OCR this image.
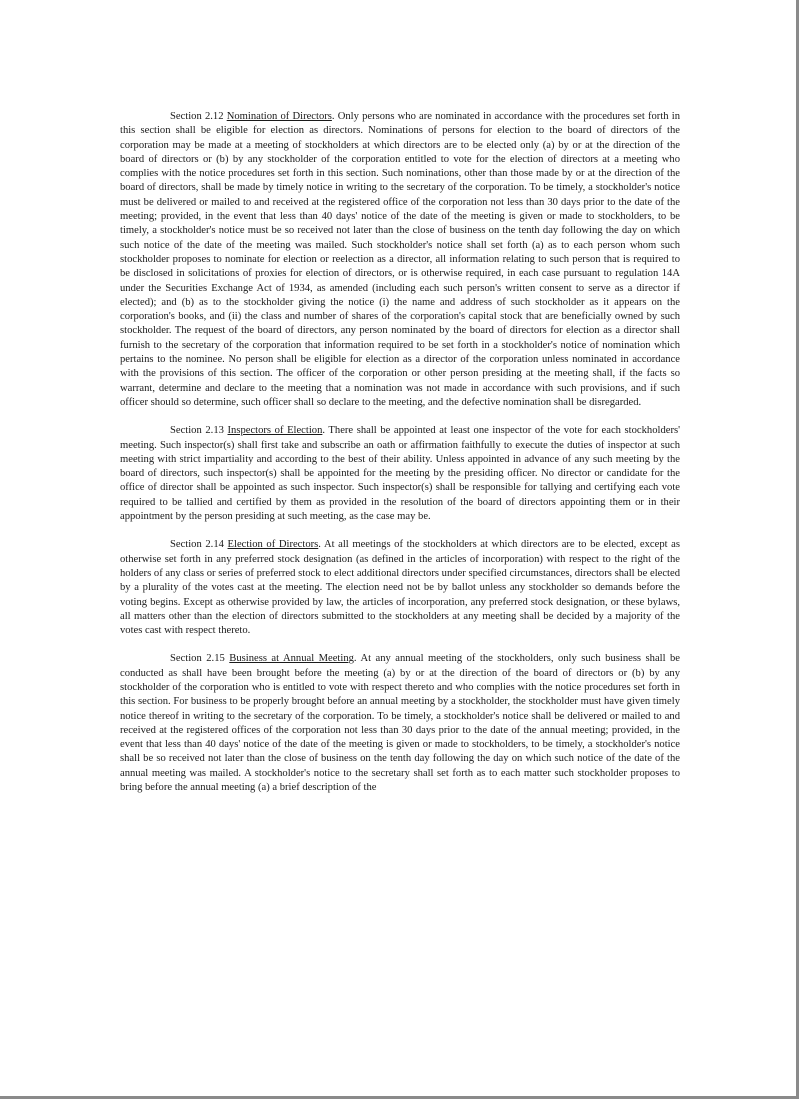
Section 2.12 Nomination of Directors. Only persons who are nominated in accordance with the procedures set forth in this section shall be eligible for election as directors. Nominations of persons for election to the board of directors of the corporation may be made at a meeting of stockholders at which directors are to be elected only (a) by or at the direction of the board of directors or (b) by any stockholder of the corporation entitled to vote for the election of directors at a meeting who complies with the notice procedures set forth in this section. Such nominations, other than those made by or at the direction of the board of directors, shall be made by timely notice in writing to the secretary of the corporation. To be timely, a stockholder's notice must be delivered or mailed to and received at the registered office of the corporation not less than 30 days prior to the date of the meeting; provided, in the event that less than 40 days' notice of the date of the meeting is given or made to stockholders, to be timely, a stockholder's notice must be so received not later than the close of business on the tenth day following the day on which such notice of the date of the meeting was mailed. Such stockholder's notice shall set forth (a) as to each person whom such stockholder proposes to nominate for election or reelection as a director, all information relating to such person that is required to be disclosed in solicitations of proxies for election of directors, or is otherwise required, in each case pursuant to regulation 14A under the Securities Exchange Act of 1934, as amended (including each such person's written consent to serve as a director if elected); and (b) as to the stockholder giving the notice (i) the name and address of such stockholder as it appears on the corporation's books, and (ii) the class and number of shares of the corporation's capital stock that are beneficially owned by such stockholder. The request of the board of directors, any person nominated by the board of directors for election as a director shall furnish to the secretary of the corporation that information required to be set forth in a stockholder's notice of nomination which pertains to the nominee. No person shall be eligible for election as a director of the corporation unless nominated in accordance with the provisions of this section. The officer of the corporation or other person presiding at the meeting shall, if the facts so warrant, determine and declare to the meeting that a nomination was not made in accordance with such provisions, and if such officer should so determine, such officer shall so declare to the meeting, and the defective nomination shall be disregarded.

Section 2.13 Inspectors of Election. There shall be appointed at least one inspector of the vote for each stockholders' meeting. Such inspector(s) shall first take and subscribe an oath or affirmation faithfully to execute the duties of inspector at such meeting with strict impartiality and according to the best of their ability. Unless appointed in advance of any such meeting by the board of directors, such inspector(s) shall be appointed for the meeting by the presiding officer. No director or candidate for the office of director shall be appointed as such inspector. Such inspector(s) shall be responsible for tallying and certifying each vote required to be tallied and certified by them as provided in the resolution of the board of directors appointing them or in their appointment by the person presiding at such meeting, as the case may be.

Section 2.14 Election of Directors. At all meetings of the stockholders at which directors are to be elected, except as otherwise set forth in any preferred stock designation (as defined in the articles of incorporation) with respect to the right of the holders of any class or series of preferred stock to elect additional directors under specified circumstances, directors shall be elected by a plurality of the votes cast at the meeting. The election need not be by ballot unless any stockholder so demands before the voting begins. Except as otherwise provided by law, the articles of incorporation, any preferred stock designation, or these bylaws, all matters other than the election of directors submitted to the stockholders at any meeting shall be decided by a majority of the votes cast with respect thereto.

Section 2.15 Business at Annual Meeting. At any annual meeting of the stockholders, only such business shall be conducted as shall have been brought before the meeting (a) by or at the direction of the board of directors or (b) by any stockholder of the corporation who is entitled to vote with respect thereto and who complies with the notice procedures set forth in this section. For business to be properly brought before an annual meeting by a stockholder, the stockholder must have given timely notice thereof in writing to the secretary of the corporation. To be timely, a stockholder's notice shall be delivered or mailed to and received at the registered offices of the corporation not less than 30 days prior to the date of the annual meeting; provided, in the event that less than 40 days' notice of the date of the meeting is given or made to stockholders, to be timely, a stockholder's notice shall be so received not later than the close of business on the tenth day following the day on which such notice of the date of the annual meeting was mailed. A stockholder's notice to the secretary shall set forth as to each matter such stockholder proposes to bring before the annual meeting (a) a brief description of the
